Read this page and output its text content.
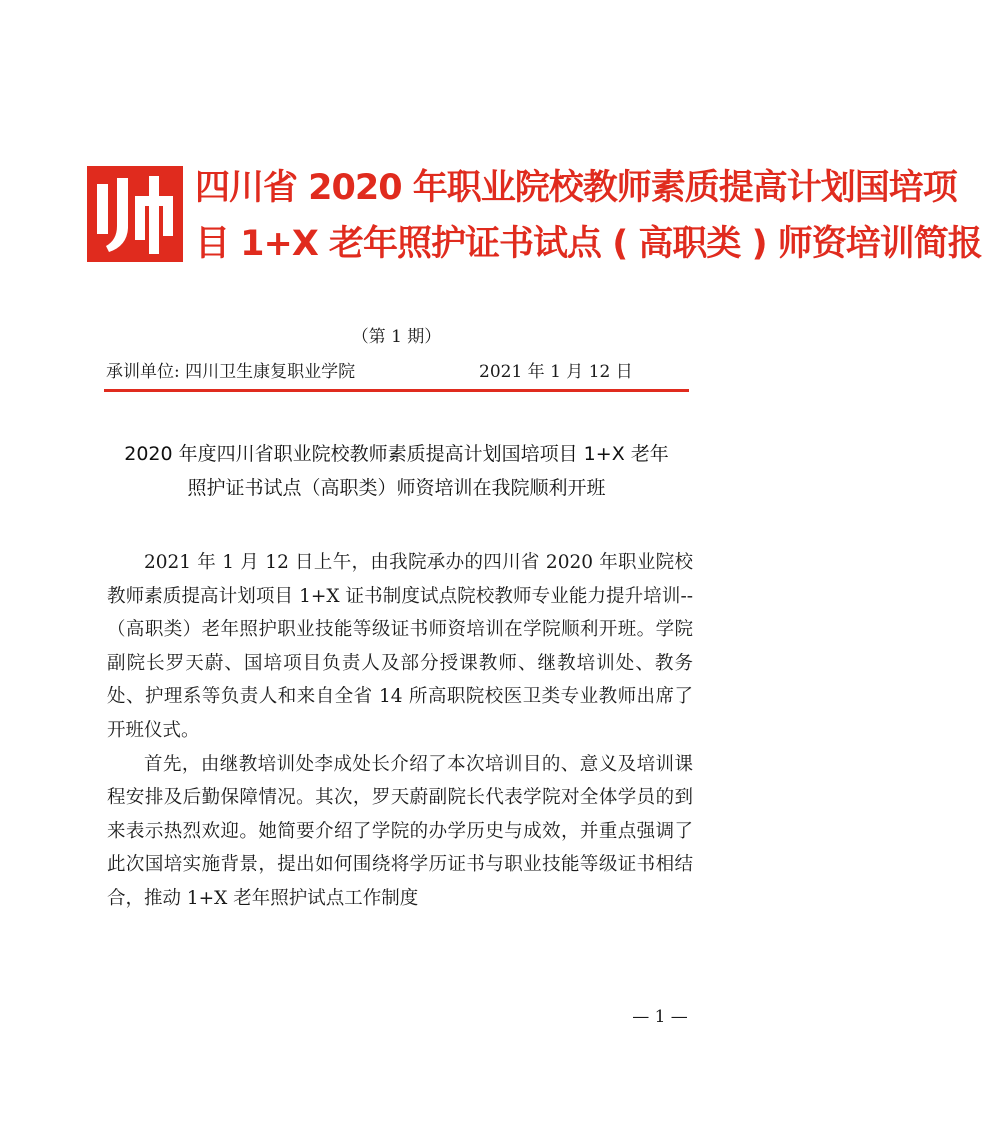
四川省 2020 年职业院校教师素质提高计划国培项
目 1+X 老年照护证书试点 ( 高职类 ) 师资培训简报
（第 1 期）
承训单位: 四川卫生康复职业学院	2021 年 1 月 12 日
2020 年度四川省职业院校教师素质提高计划国培项目 1+X 老年
照护证书试点（高职类）师资培训在我院顺利开班

2021 年 1 月 12 日上午，由我院承办的四川省 2020 年职业院校教师素质提高计划项目 1+X 证书制度试点院校教师专业能力提升培训--（高职类）老年照护职业技能等级证书师资培训在学院顺利开班。学院副院长罗天蔚、国培项目负责人及部分授课教师、继教培训处、教务处、护理系等负责人和来自全省 14 所高职院校医卫类专业教师出席了开班仪式。

首先，由继教培训处李成处长介绍了本次培训目的、意义及培训课程安排及后勤保障情况。其次，罗天蔚副院长代表学院对全体学员的到来表示热烈欢迎。她简要介绍了学院的办学历史与成效，并重点强调了此次国培实施背景，提出如何围绕将学历证书与职业技能等级证书相结合，推动 1+X 老年照护试点工作制度

— 1 —
